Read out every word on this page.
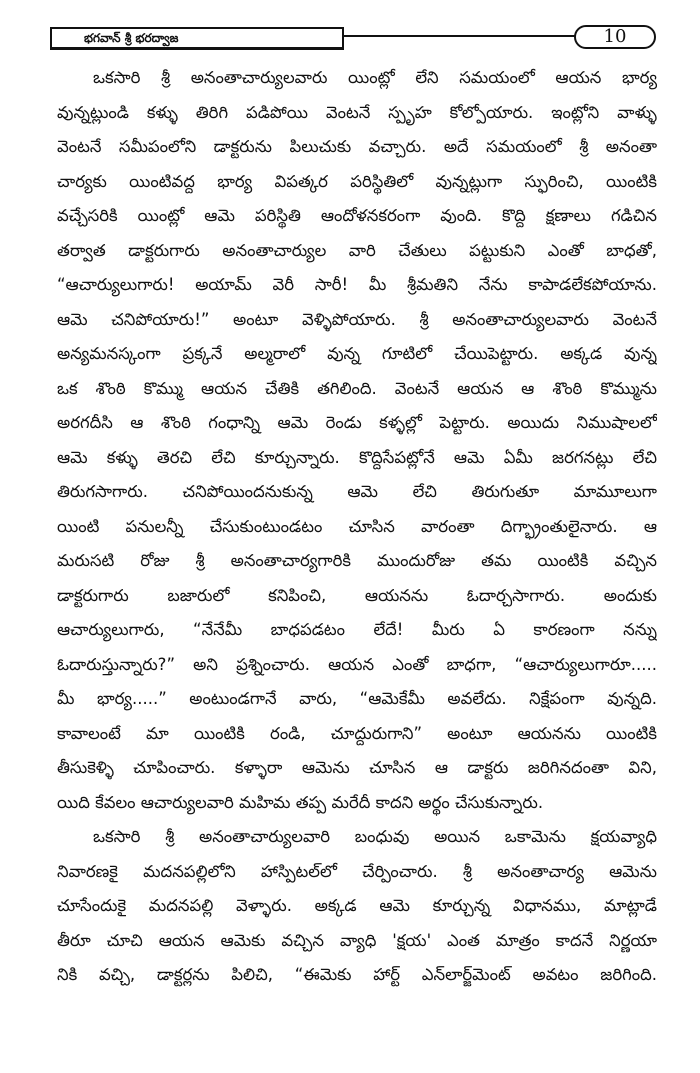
భగవాన్ శ్రీ భరద్వాజ	10
ఒకసారి శ్రీ అనంతాచార్యులవారు యింట్లో లేని సమయంలో ఆయన భార్య
వున్నట్లుండి కళ్ళు తిరిగి పడిపోయి వెంటనే స్పృహ కోల్పోయారు. ఇంట్లోని వాళ్ళు
వెంటనే సమీపంలోని డాక్టరును పిలుచుకు వచ్చారు. అదే సమయంలో శ్రీ అనంతా
చార్యకు యింటివద్ద భార్య విపత్కర పరిస్థితిలో వున్నట్లుగా స్ఫురించి, యింటికి
వచ్చేసరికి యింట్లో ఆమె పరిస్థితి ఆందోళనకరంగా వుంది. కొద్ది క్షణాలు గడిచిన
తర్వాత డాక్టరుగారు అనంతాచార్యుల వారి చేతులు పట్టుకుని ఎంతో బాధతో,
“ఆచార్యులుగారు! అయామ్ వెరీ సారీ! మీ శ్రీమతిని నేను కాపాడలేకపోయాను.
ఆమె చనిపోయారు!” అంటూ వెళ్ళిపోయారు. శ్రీ అనంతాచార్యులవారు వెంటనే
అన్యమనస్కంగా ప్రక్కనే అల్మరాలో వున్న గూటిలో చేయిపెట్టారు. అక్కడ వున్న
ఒక శొంఠి కొమ్ము ఆయన చేతికి తగిలింది. వెంటనే ఆయన ఆ శొంఠి కొమ్మును
అరగదీసి ఆ శొంఠి గంధాన్ని ఆమె రెండు కళ్ళల్లో పెట్టారు. అయిదు నిముషాలలో
ఆమె కళ్ళు తెరచి లేచి కూర్చున్నారు. కొద్దిసేపట్లోనే ఆమె ఏమీ జరగనట్లు లేచి
తిరుగసాగారు. చనిపోయిందనుకున్న ఆమె లేచి తిరుగుతూ మామూలుగా
యింటి పనులన్నీ చేసుకుంటుండటం చూసిన వారంతా దిగ్భ్రాంతులైనారు. ఆ
మరుసటి రోజు శ్రీ అనంతాచార్యగారికి ముందురోజు తమ యింటికి వచ్చిన
డాక్టరుగారు బజారులో కనిపించి, ఆయనను ఓదార్చసాగారు. అందుకు
ఆచార్యులుగారు, “నేనేమీ బాధపడటం లేదే! మీరు ఏ కారణంగా నన్ను
ఓదారుస్తున్నారు?” అని ప్రశ్నించారు. ఆయన ఎంతో బాధగా, “ఆచార్యులుగారూ.....
మీ భార్య.....” అంటుండగానే వారు, “ఆమెకేమీ అవలేదు. నిక్షేపంగా వున్నది.
కావాలంటే మా యింటికి రండి, చూద్దురుగాని” అంటూ ఆయనను యింటికి
తీసుకెళ్ళి చూపించారు. కళ్ళారా ఆమెను చూసిన ఆ డాక్టరు జరిగినదంతా విని,
యిది కేవలం ఆచార్యులవారి మహిమ తప్ప మరేదీ కాదని అర్థం చేసుకున్నారు.
ఒకసారి శ్రీ అనంతాచార్యులవారి బంధువు అయిన ఒకామెను క్షయవ్యాధి
నివారణకై మదనపల్లిలోని హాస్పిటల్‌లో చేర్పించారు. శ్రీ అనంతాచార్య ఆమెను
చూసేందుకై మదనపల్లి వెళ్ళారు. అక్కడ ఆమె కూర్చున్న విధానము, మాట్లాడే
తీరూ చూచి ఆయన ఆమెకు వచ్చిన వ్యాధి 'క్షయ' ఎంత మాత్రం కాదనే నిర్ణయా
నికి వచ్చి, డాక్టర్లను పిలిచి, “ఈమెకు హార్ట్ ఎన్‌లార్జ్‌మెంట్ అవటం జరిగింది.
